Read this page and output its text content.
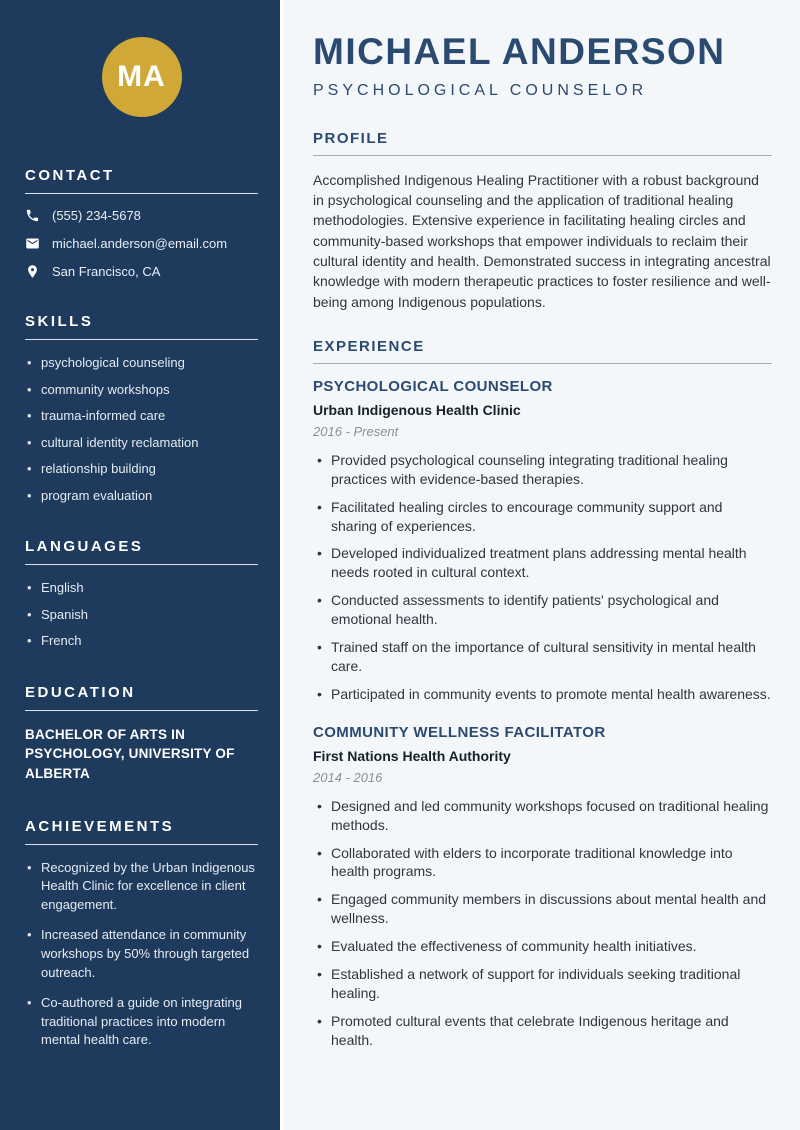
MA
CONTACT
(555) 234-5678
michael.anderson@email.com
San Francisco, CA
SKILLS
• psychological counseling
• community workshops
• trauma-informed care
• cultural identity reclamation
• relationship building
• program evaluation
LANGUAGES
• English
• Spanish
• French
EDUCATION
BACHELOR OF ARTS IN PSYCHOLOGY, UNIVERSITY OF ALBERTA
ACHIEVEMENTS
• Recognized by the Urban Indigenous Health Clinic for excellence in client engagement.
• Increased attendance in community workshops by 50% through targeted outreach.
• Co-authored a guide on integrating traditional practices into modern mental health care.
MICHAEL ANDERSON
PSYCHOLOGICAL COUNSELOR
PROFILE

Accomplished Indigenous Healing Practitioner with a robust background in psychological counseling and the application of traditional healing methodologies. Extensive experience in facilitating healing circles and community-based workshops that empower individuals to reclaim their cultural identity and health. Demonstrated success in integrating ancestral knowledge with modern therapeutic practices to foster resilience and well-being among Indigenous populations.

EXPERIENCE
PSYCHOLOGICAL COUNSELOR
Urban Indigenous Health Clinic
2016 - Present
• Provided psychological counseling integrating traditional healing practices with evidence-based therapies.
• Facilitated healing circles to encourage community support and sharing of experiences.
• Developed individualized treatment plans addressing mental health needs rooted in cultural context.
• Conducted assessments to identify patients' psychological and emotional health.
• Trained staff on the importance of cultural sensitivity in mental health care.
• Participated in community events to promote mental health awareness.
COMMUNITY WELLNESS FACILITATOR
First Nations Health Authority
2014 - 2016
• Designed and led community workshops focused on traditional healing methods.
• Collaborated with elders to incorporate traditional knowledge into health programs.
• Engaged community members in discussions about mental health and wellness.
• Evaluated the effectiveness of community health initiatives.
• Established a network of support for individuals seeking traditional healing.
• Promoted cultural events that celebrate Indigenous heritage and health.
